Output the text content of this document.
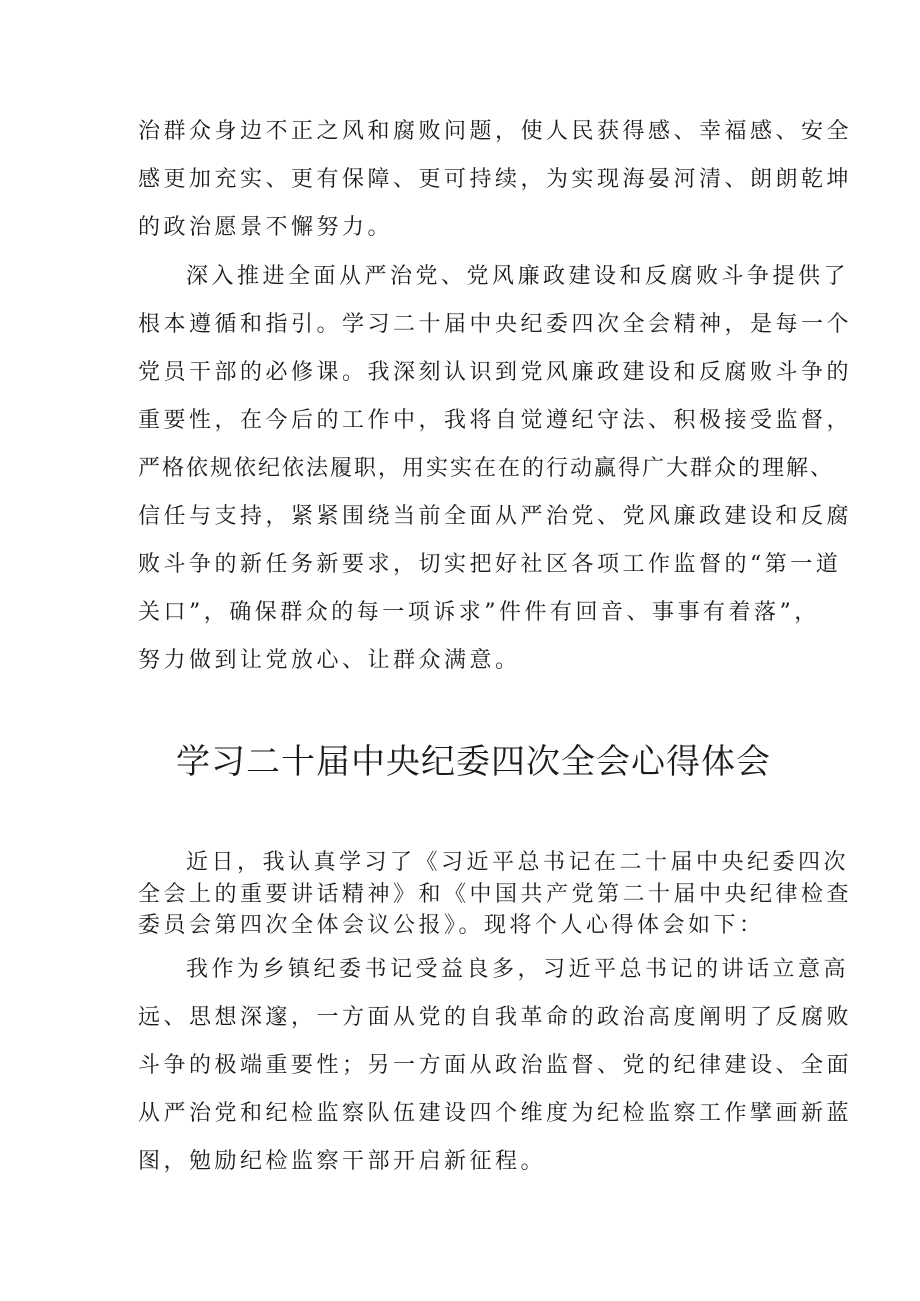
治群众身边不正之风和腐败问题，使人民获得感、幸福感、安全
感更加充实、更有保障、更可持续，为实现海晏河清、朗朗乾坤
的政治愿景不懈努力。
深入推进全面从严治党、党风廉政建设和反腐败斗争提供了
根本遵循和指引。学习二十届中央纪委四次全会精神，是每一个
党员干部的必修课。我深刻认识到党风廉政建设和反腐败斗争的
重要性，在今后的工作中，我将自觉遵纪守法、积极接受监督，
严格依规依纪依法履职，用实实在在的行动赢得广大群众的理解、
信任与支持，紧紧围绕当前全面从严治党、党风廉政建设和反腐
败斗争的新任务新要求，切实把好社区各项工作监督的“第一道
关口”，确保群众的每一项诉求”件件有回音、事事有着落”，
努力做到让党放心、让群众满意。
学习二十届中央纪委四次全会心得体会
近日，我认真学习了《习近平总书记在二十届中央纪委四次
全会上的重要讲话精神》和《中国共产党第二十届中央纪律检查
委员会第四次全体会议公报》。现将个人心得体会如下：
我作为乡镇纪委书记受益良多，习近平总书记的讲话立意高
远、思想深邃，一方面从党的自我革命的政治高度阐明了反腐败
斗争的极端重要性；另一方面从政治监督、党的纪律建设、全面
从严治党和纪检监察队伍建设四个维度为纪检监察工作擘画新蓝
图，勉励纪检监察干部开启新征程。
